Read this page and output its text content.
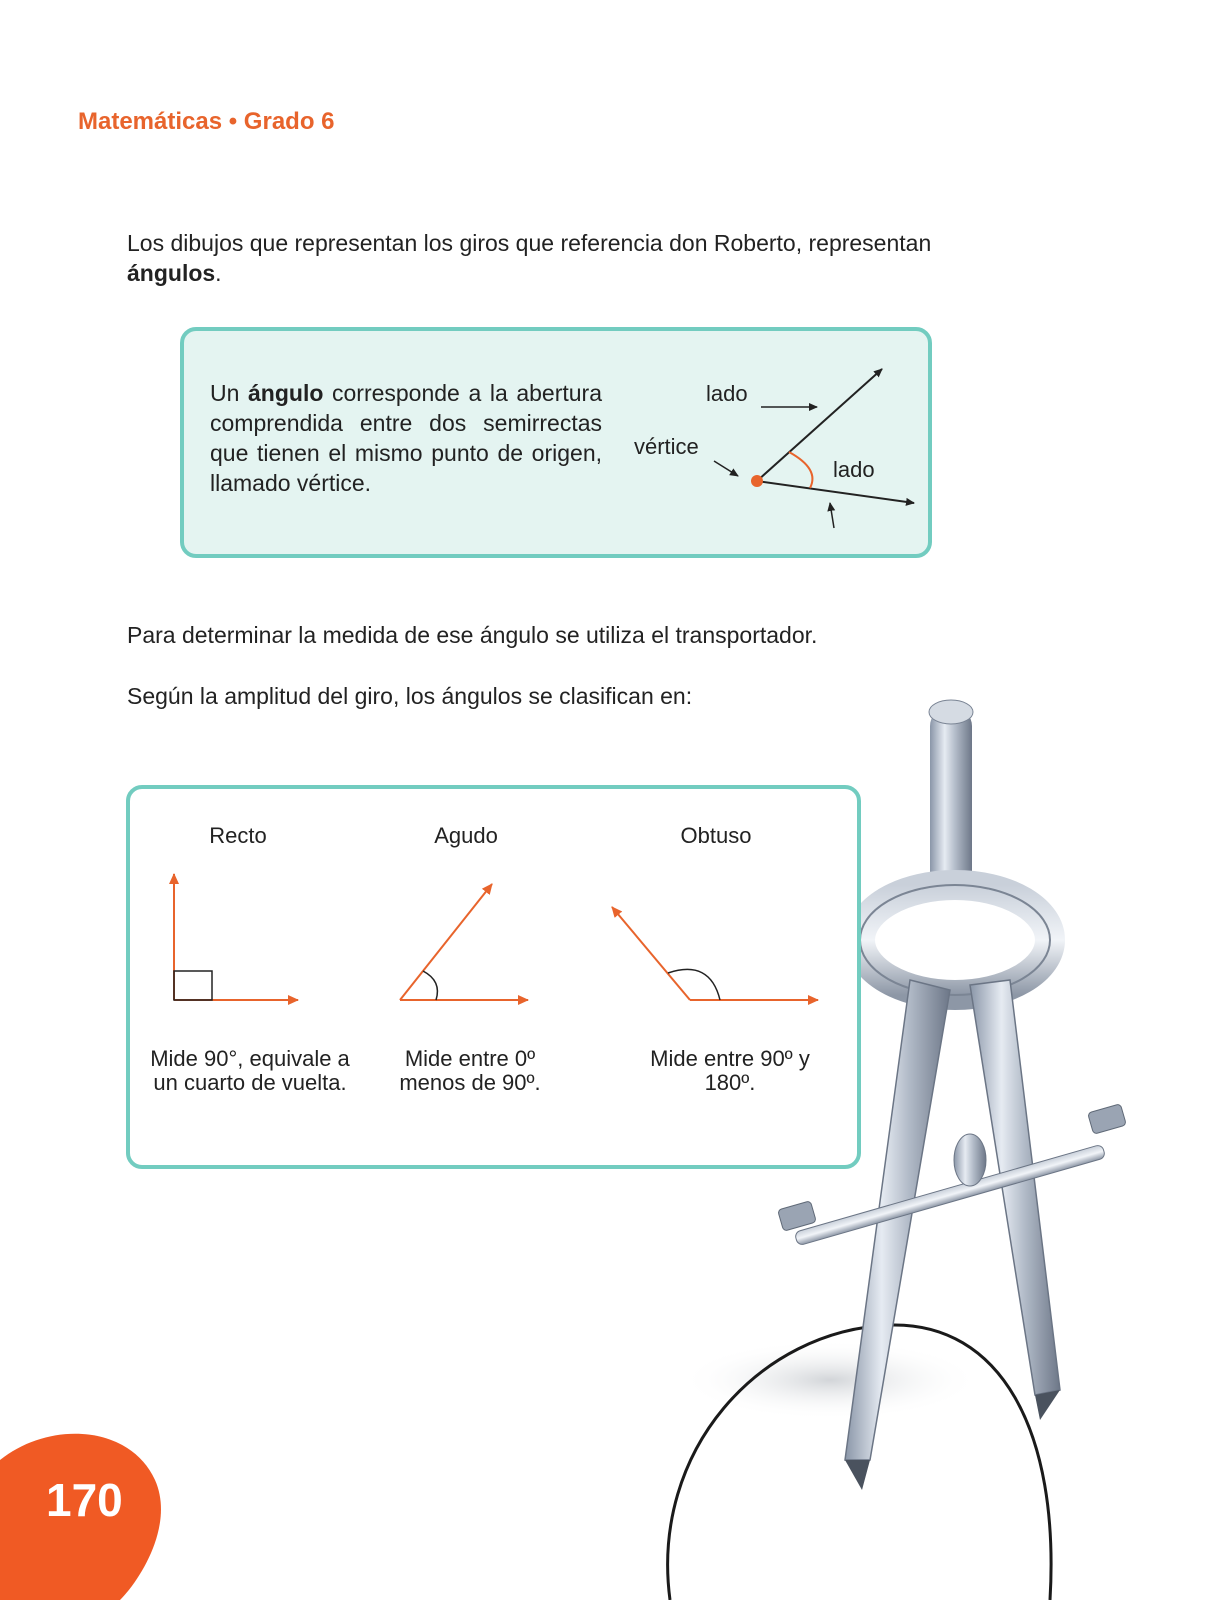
Matemáticas • Grado 6
Los dibujos que representan los giros que referencia don Roberto, representan ángulos.
Un ángulo corresponde a la abertura comprendida entre dos semirrectas que tienen el mismo punto de origen, llamado vértice.
lado
vértice
lado
Para determinar la medida de ese ángulo se utiliza el transportador.
Según la amplitud del giro, los ángulos se clasifican en:
Recto	Agudo	Obtuso
Mide 90°, equivale a un cuarto de vuelta.
Mide entre 0º menos de 90º.
Mide entre 90º y 180º.
170
